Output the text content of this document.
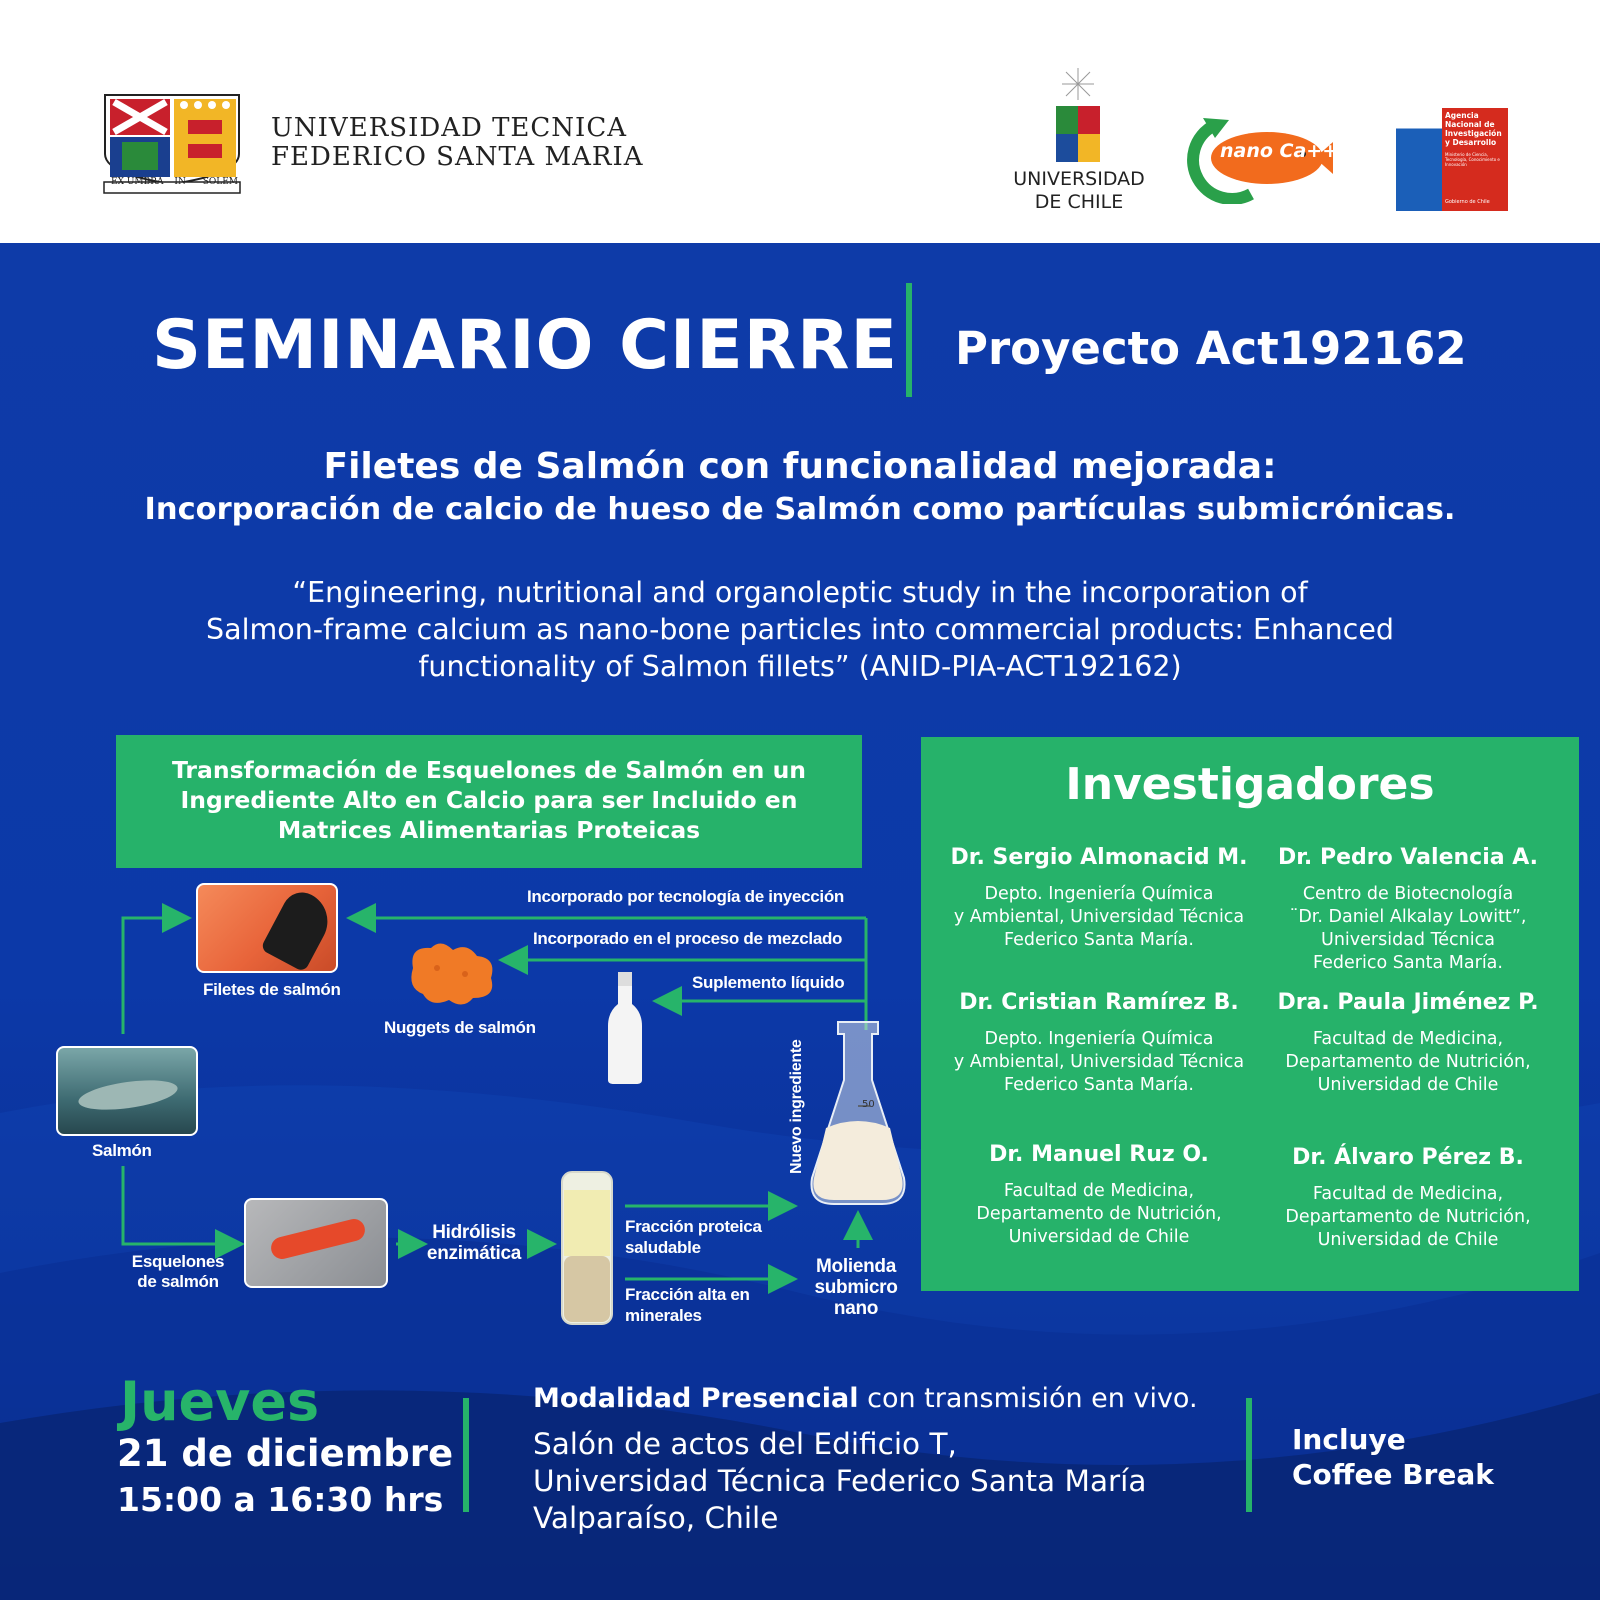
EX UMBRA IN SOLEM
UNIVERSIDAD TECNICA
FEDERICO SANTA MARIA
UNIVERSIDAD
DE CHILE
nano Ca++
Agencia
Nacional de
Investigación
y Desarrollo
Ministerio de Ciencia, Tecnología, Conocimiento e Innovación
Gobierno de Chile
SEMINARIO CIERRE Proyecto Act192162
Filetes de Salmón con funcionalidad mejorada:
Incorporación de calcio de hueso de Salmón como partículas submicrónicas.
“Engineering, nutritional and organoleptic study in the incorporation of
Salmon-frame calcium as nano-bone particles into commercial products: Enhanced
functionality of Salmon fillets” (ANID-PIA-ACT192162)
Transformación de Esquelones de Salmón en un
Ingrediente Alto en Calcio para ser Incluido en
Matrices Alimentarias Proteicas
Incorporado por tecnología de inyección
Incorporado en el proceso de mezclado
Suplemento líquido
Filetes de salmón
Nuggets de salmón
Salmón
Esquelones
de salmón
Hidrólisis
enzimática
Fracción proteica
saludable
Fracción alta en
minerales
50
Nuevo ingrediente
Molienda
submicro
nano
Investigadores
Dr. Sergio Almonacid M.
Depto. Ingeniería Química
y Ambiental, Universidad Técnica
Federico Santa María.
Dr. Pedro Valencia A.
Centro de Biotecnología
¨Dr. Daniel Alkalay Lowitt”,
Universidad Técnica
Federico Santa María.
Dr. Cristian Ramírez B.
Depto. Ingeniería Química
y Ambiental, Universidad Técnica
Federico Santa María.
Dra. Paula Jiménez P.
Facultad de Medicina,
Departamento de Nutrición,
Universidad de Chile
Dr. Manuel Ruz O.
Facultad de Medicina,
Departamento de Nutrición,
Universidad de Chile
Dr. Álvaro Pérez B.
Facultad de Medicina,
Departamento de Nutrición,
Universidad de Chile
Jueves
21 de diciembre
15:00 a 16:30 hrs
Modalidad Presencial con transmisión en vivo.
Salón de actos del Edificio T,
Universidad Técnica Federico Santa María
Valparaíso, Chile
Incluye
Coffee Break
